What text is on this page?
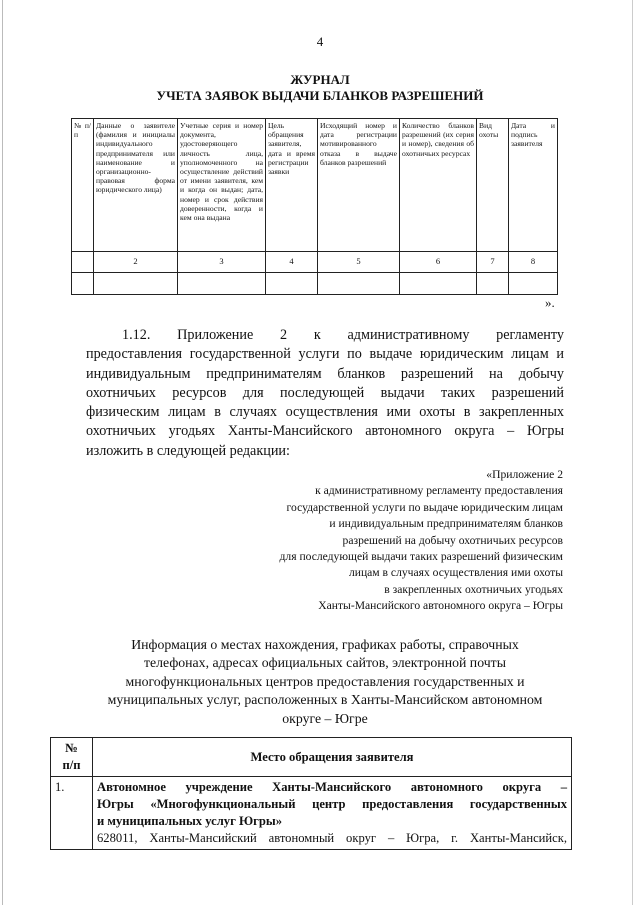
4
ЖУРНАЛ
УЧЕТА ЗАЯВОК ВЫДАЧИ БЛАНКОВ РАЗРЕШЕНИЙ
№ п/п	Данные о заявителе (фамилия и инициалы индивидуального предпринимателя или наименование и организационно-правовая форма юридического лица)	Учетные серия и номер документа, удостоверяющего личность лица, уполномоченного на осуществление действий от имени заявителя, кем и когда он выдан; дата, номер и срок действия доверенности, когда и кем она выдана	Цель обращения заявителя, дата и время регистрации заявки	Исходящий номер и дата регистрации мотивированного отказа в выдаче бланков разрешений	Количество бланков разрешений (их серия и номер), сведения об охотничьих ресурсах	Вид охоты	Дата и подпись заявителя
	2	3	4	5	6	7	8

».
1.12. Приложение 2 к административному регламенту
предоставления государственной услуги по выдаче юридическим лицам и
индивидуальным предпринимателям бланков разрешений на добычу
охотничьих ресурсов для последующей выдачи таких разрешений
физическим лицам в случаях осуществления ими охоты в закрепленных
охотничьих угодьях Ханты-Мансийского автономного округа – Югры
изложить в следующей редакции:
«Приложение 2
к административному регламенту предоставления
государственной услуги по выдаче юридическим лицам
и индивидуальным предпринимателям бланков
разрешений на добычу охотничьих ресурсов
для последующей выдачи таких разрешений физическим
лицам в случаях осуществления ими охоты
в закрепленных охотничьих угодьях
Ханты-Мансийского автономного округа – Югры
Информация о местах нахождения, графиках работы, справочных
телефонах, адресах официальных сайтов, электронной почты
многофункциональных центров предоставления государственных и
муниципальных услуг, расположенных в Ханты-Мансийском автономном
округе – Югре
№
п/п	Место обращения заявителя
1.	Автономное учреждение Ханты-Мансийского автономного округа –
Югры «Многофункциональный центр предоставления государственных
и муниципальных услуг Югры»
628011, Ханты-Мансийский автономный округ – Югра, г. Ханты-Мансийск,
